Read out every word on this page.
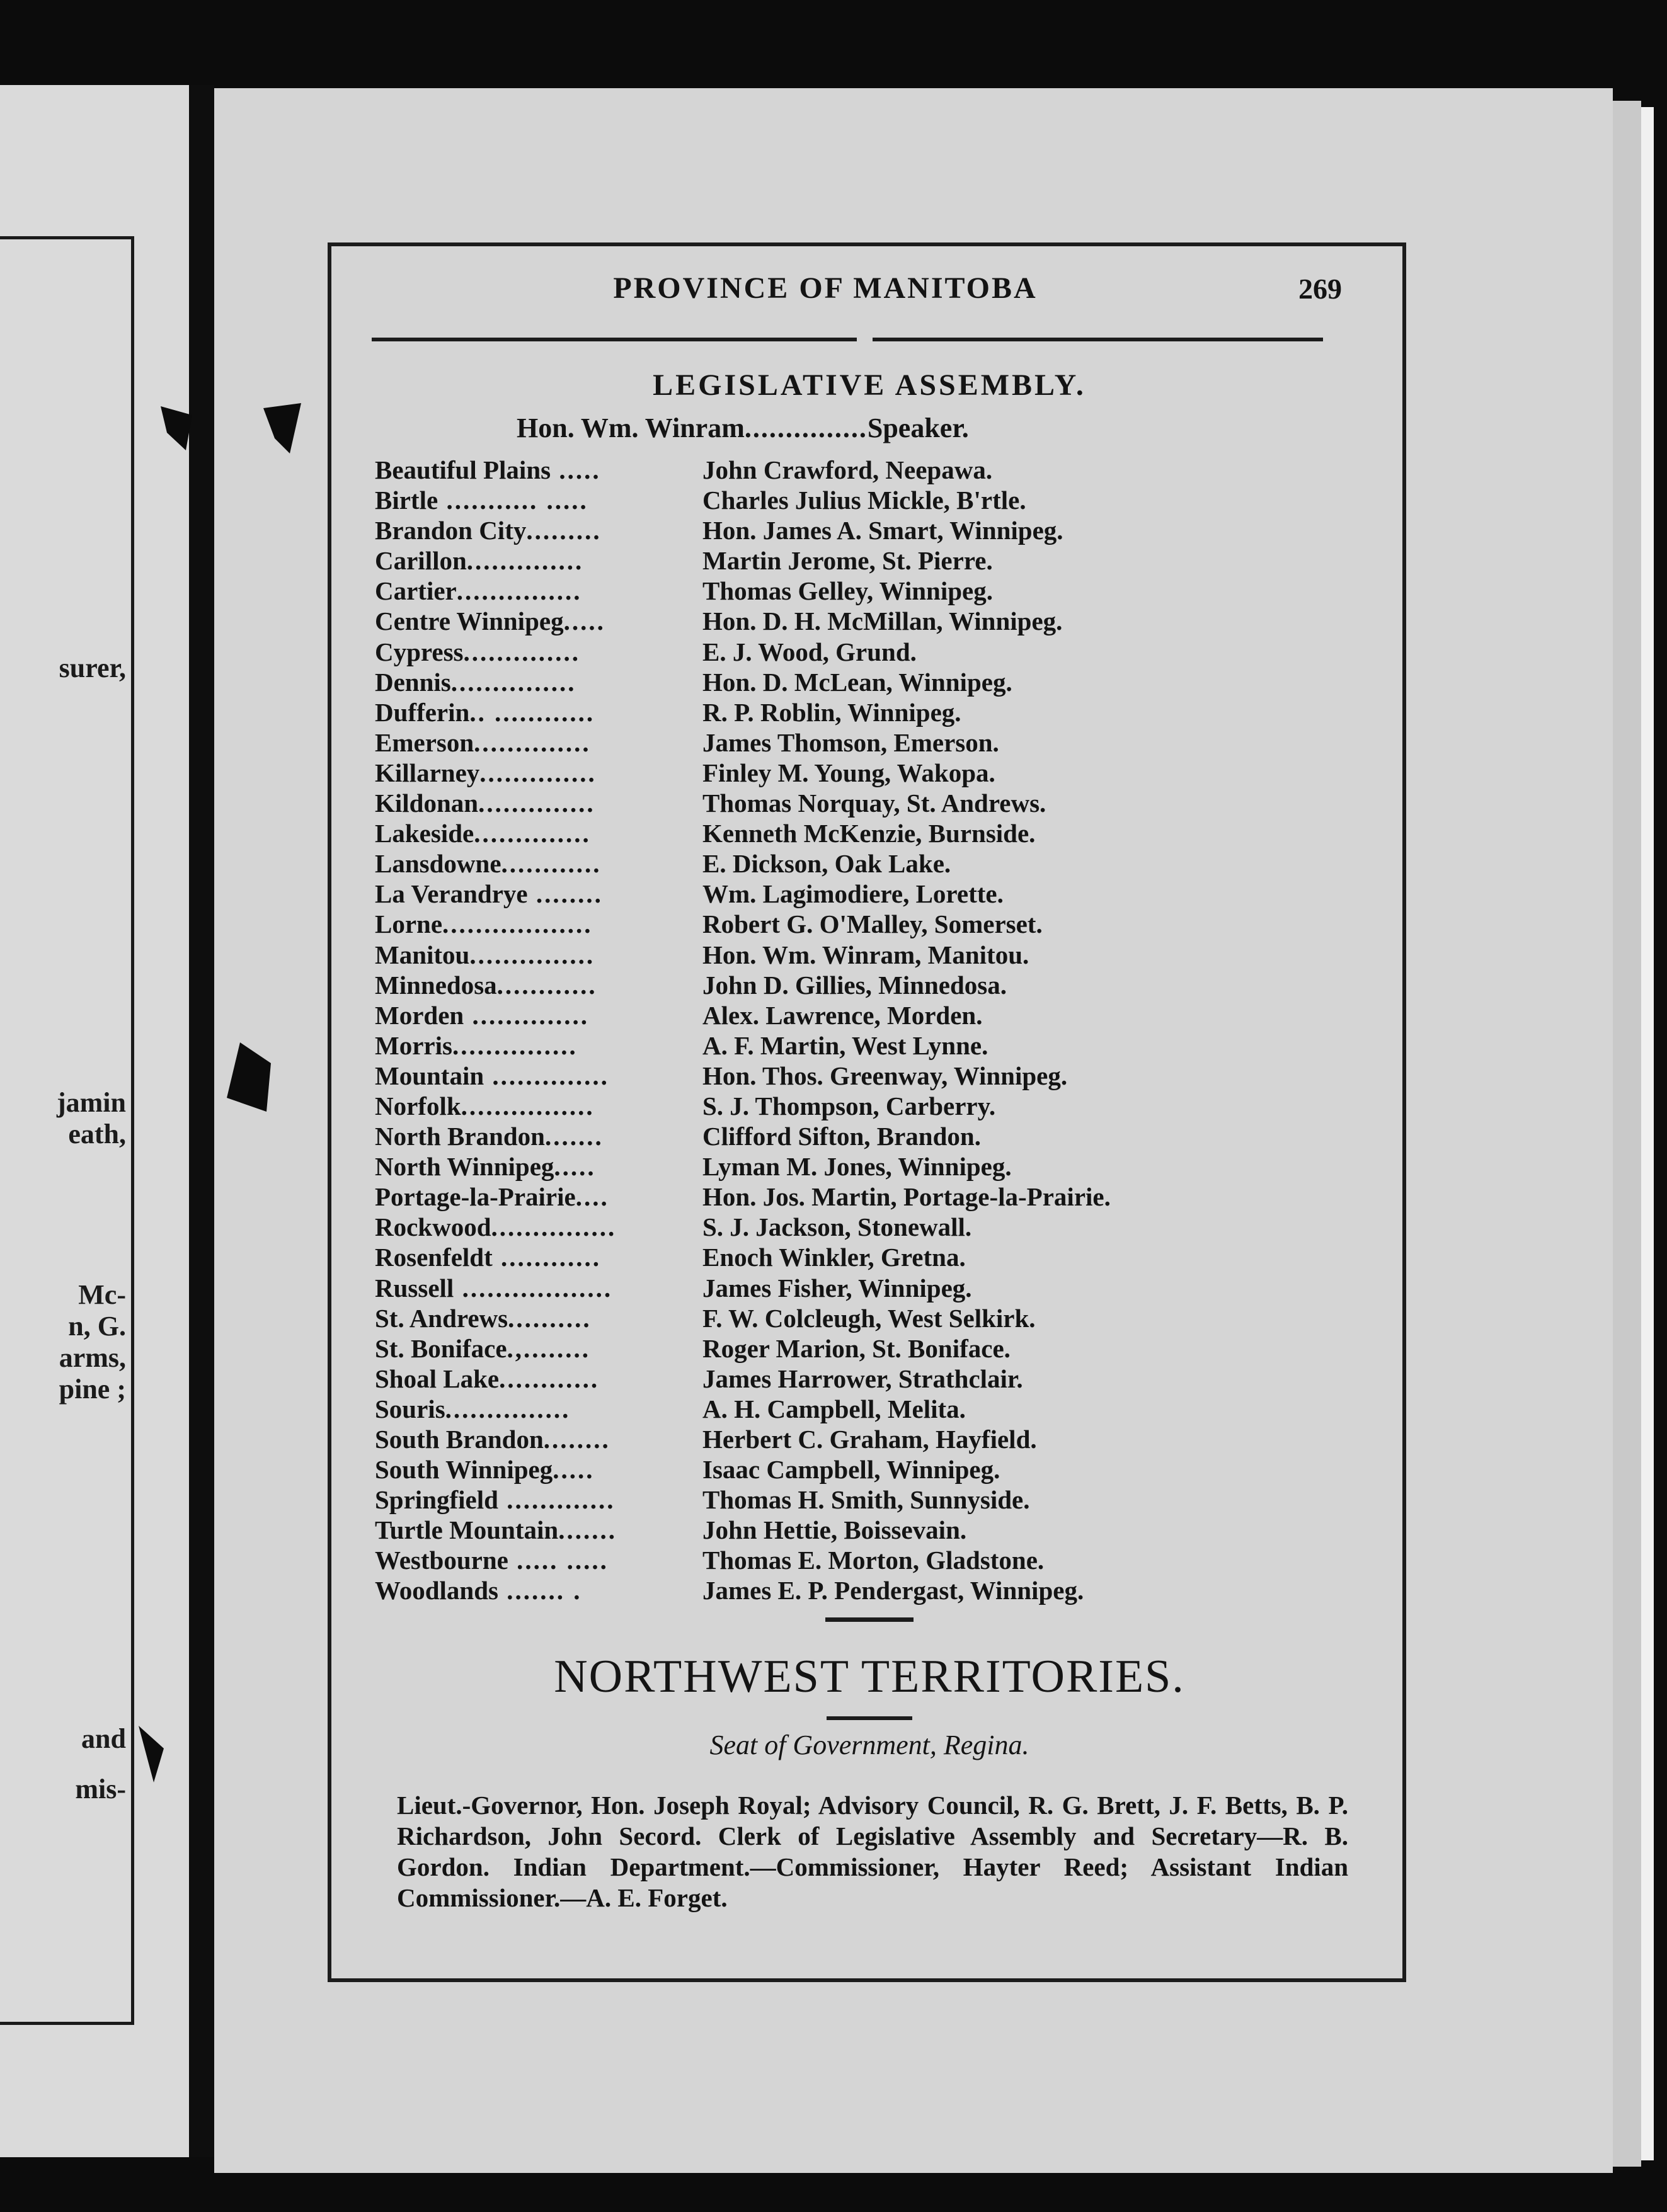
surer,
jamin
eath,
Mc-
n, G.
arms,
pine ;
and
mis-
PROVINCE OF MANITOBA	269
LEGISLATIVE ASSEMBLY.
Hon. Wm. Winram...............Speaker.
Beautiful Plains .....	John Crawford, Neepawa.
Birtle ........... .....	Charles Julius Mickle, B'rtle.
Brandon City.........	Hon. James A. Smart, Winnipeg.
Carillon..............	Martin Jerome, St. Pierre.
Cartier...............	Thomas Gelley, Winnipeg.
Centre Winnipeg.....	Hon. D. H. McMillan, Winnipeg.
Cypress..............	E. J. Wood, Grund.
Dennis...............	Hon. D. McLean, Winnipeg.
Dufferin.. ............	R. P. Roblin, Winnipeg.
Emerson..............	James Thomson, Emerson.
Killarney..............	Finley M. Young, Wakopa.
Kildonan..............	Thomas Norquay, St. Andrews.
Lakeside..............	Kenneth McKenzie, Burnside.
Lansdowne............	E. Dickson, Oak Lake.
La Verandrye ........	Wm. Lagimodiere, Lorette.
Lorne..................	Robert G. O'Malley, Somerset.
Manitou...............	Hon. Wm. Winram, Manitou.
Minnedosa............	John D. Gillies, Minnedosa.
Morden ..............	Alex. Lawrence, Morden.
Morris...............	A. F. Martin, West Lynne.
Mountain ..............	Hon. Thos. Greenway, Winnipeg.
Norfolk................	S. J. Thompson, Carberry.
North Brandon.......	Clifford Sifton, Brandon.
North Winnipeg.....	Lyman M. Jones, Winnipeg.
Portage-la-Prairie....	Hon. Jos. Martin, Portage-la-Prairie.
Rockwood...............	S. J. Jackson, Stonewall.
Rosenfeldt ............	Enoch Winkler, Gretna.
Russell ..................	James Fisher, Winnipeg.
St. Andrews..........	F. W. Colcleugh, West Selkirk.
St. Boniface.,........	Roger Marion, St. Boniface.
Shoal Lake............	James Harrower, Strathclair.
Souris...............	A. H. Campbell, Melita.
South Brandon........	Herbert C. Graham, Hayfield.
South Winnipeg.....	Isaac Campbell, Winnipeg.
Springfield .............	Thomas H. Smith, Sunnyside.
Turtle Mountain.......	John Hettie, Boissevain.
Westbourne ..... .....	Thomas E. Morton, Gladstone.
Woodlands ....... .	James E. P. Pendergast, Winnipeg.
NORTHWEST TERRITORIES.
Seat of Government, Regina.
Lieut.-Governor, Hon. Joseph Royal; Advisory Council, R. G. Brett, J. F. Betts, B. P. Richardson, John Secord. Clerk of Legislative Assembly and Secretary—R. B. Gordon. Indian Department.—Commissioner, Hayter Reed; Assistant Indian Commissioner.—A. E. Forget.
